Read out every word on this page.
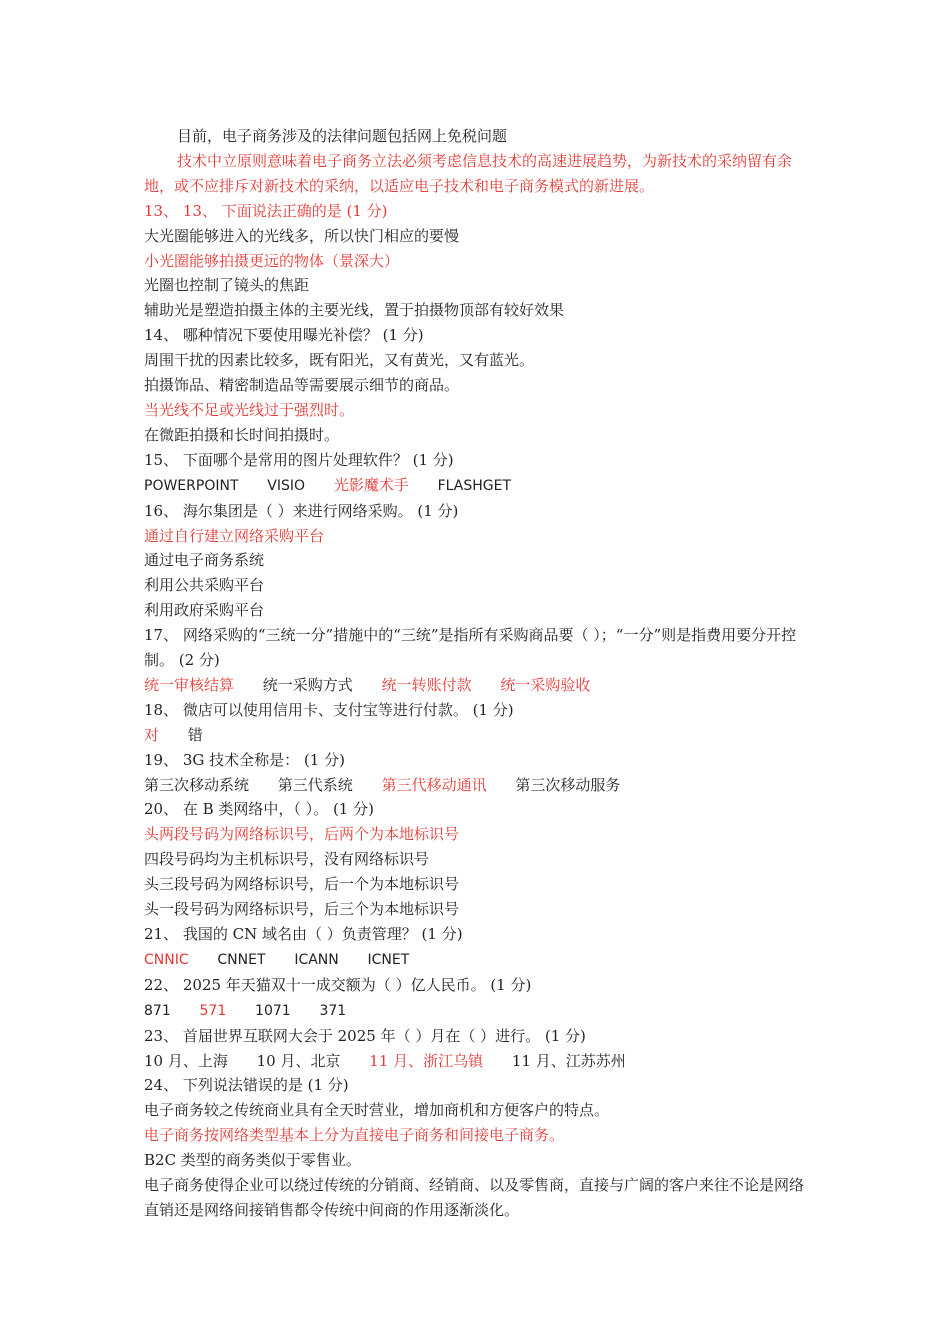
目前，电子商务涉及的法律问题包括网上免税问题
技术中立原则意味着电子商务立法必须考虑信息技术的高速进展趋势，为新技术的采纳留有余地，或不应排斥对新技术的采纳，以适应电子技术和电子商务模式的新进展。
13、 13、 下面说法正确的是 (1 分)
大光圈能够进入的光线多，所以快门相应的要慢
小光圈能够拍摄更远的物体（景深大）
光圈也控制了镜头的焦距
辅助光是塑造拍摄主体的主要光线，置于拍摄物顶部有较好效果
14、 哪种情况下要使用曝光补偿？ (1 分)
周围干扰的因素比较多，既有阳光，又有黄光，又有蓝光。
拍摄饰品、精密制造品等需要展示细节的商品。
当光线不足或光线过于强烈时。
在微距拍摄和长时间拍摄时。
15、 下面哪个是常用的图片处理软件？ (1 分)
POWERPOINT VISIO 光影魔术手 FLASHGET
16、 海尔集团是（ ）来进行网络采购。 (1 分)
通过自行建立网络采购平台
通过电子商务系统
利用公共采购平台
利用政府采购平台
17、 网络采购的“三统一分”措施中的“三统”是指所有采购商品要（ ）；“一分”则是指费用要分开控制。 (2 分)
统一审核结算 统一采购方式 统一转账付款 统一采购验收
18、 微店可以使用信用卡、支付宝等进行付款。 (1 分)
对 错
19、 3G 技术全称是： (1 分)
第三次移动系统 第三代系统 第三代移动通讯 第三次移动服务
20、 在 B 类网络中，（ ）。 (1 分)
头两段号码为网络标识号，后两个为本地标识号
四段号码均为主机标识号，没有网络标识号
头三段号码为网络标识号，后一个为本地标识号
头一段号码为网络标识号，后三个为本地标识号
21、 我国的 CN 域名由（ ）负责管理？ (1 分)
CNNIC CNNET ICANN ICNET
22、 2025 年天猫双十一成交额为（ ）亿人民币。 (1 分)
871 571 1071 371
23、 首届世界互联网大会于 2025 年（ ）月在（ ）进行。 (1 分)
10 月、上海 10 月、北京 11 月、浙江乌镇 11 月、江苏苏州
24、 下列说法错误的是 (1 分)
电子商务较之传统商业具有全天时营业，增加商机和方便客户的特点。
电子商务按网络类型基本上分为直接电子商务和间接电子商务。
B2C 类型的商务类似于零售业。
电子商务使得企业可以绕过传统的分销商、经销商、以及零售商，直接与广阔的客户来往不论是网络直销还是网络间接销售都令传统中间商的作用逐渐淡化。
